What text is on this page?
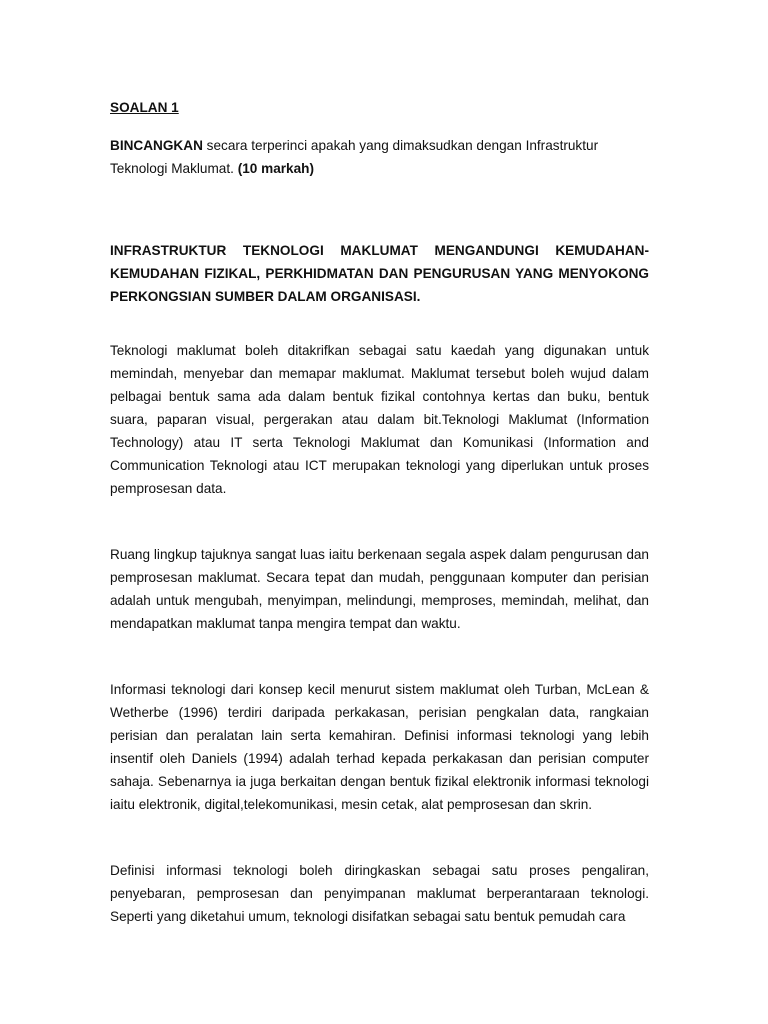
SOALAN 1

BINCANGKAN secara terperinci apakah yang dimaksudkan dengan Infrastruktur Teknologi Maklumat. (10 markah)

INFRASTRUKTUR TEKNOLOGI MAKLUMAT MENGANDUNGI KEMUDAHAN-KEMUDAHAN FIZIKAL, PERKHIDMATAN DAN PENGURUSAN YANG MENYOKONG PERKONGSIAN SUMBER DALAM ORGANISASI.

Teknologi maklumat boleh ditakrifkan sebagai satu kaedah yang digunakan untuk memindah, menyebar dan memapar maklumat. Maklumat tersebut boleh wujud dalam pelbagai bentuk sama ada dalam bentuk fizikal contohnya kertas dan buku, bentuk suara, paparan visual, pergerakan atau dalam bit.Teknologi Maklumat (Information Technology) atau IT serta Teknologi Maklumat dan Komunikasi (Information and Communication Teknologi atau ICT merupakan teknologi yang diperlukan untuk proses pemprosesan data.

Ruang lingkup tajuknya sangat luas iaitu berkenaan segala aspek dalam pengurusan dan pemprosesan maklumat. Secara tepat dan mudah, penggunaan komputer dan perisian adalah untuk mengubah, menyimpan, melindungi, memproses, memindah, melihat, dan mendapatkan maklumat tanpa mengira tempat dan waktu.

Informasi teknologi dari konsep kecil menurut sistem maklumat oleh Turban, McLean & Wetherbe (1996) terdiri daripada perkakasan, perisian pengkalan data, rangkaian perisian dan peralatan lain serta kemahiran. Definisi informasi teknologi yang lebih insentif oleh Daniels (1994) adalah terhad kepada perkakasan dan perisian computer sahaja. Sebenarnya ia juga berkaitan dengan bentuk fizikal elektronik informasi teknologi iaitu elektronik, digital,telekomunikasi, mesin cetak, alat pemprosesan dan skrin.

Definisi informasi teknologi boleh diringkaskan sebagai satu proses pengaliran, penyebaran, pemprosesan dan penyimpanan maklumat berperantaraan teknologi. Seperti yang diketahui umum, teknologi disifatkan sebagai satu bentuk pemudah cara
